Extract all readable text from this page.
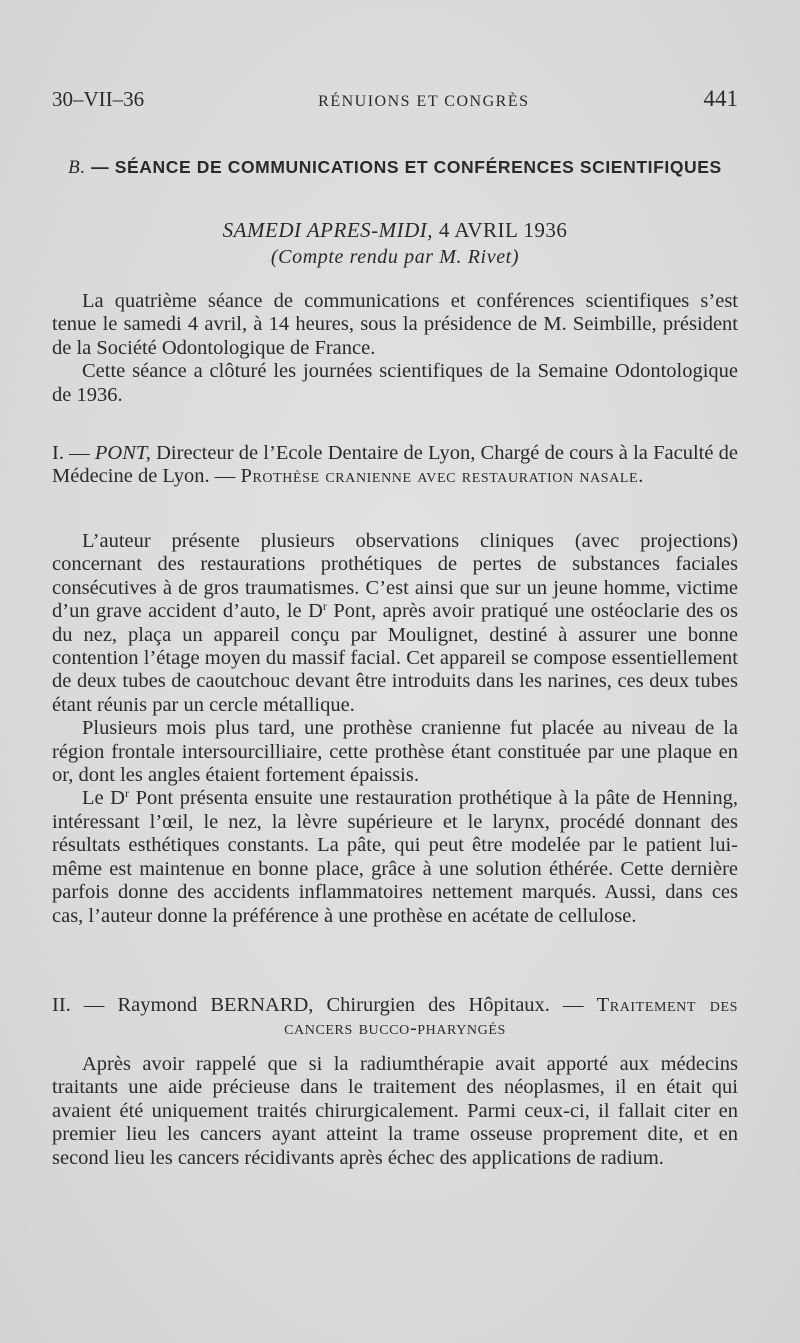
30–VII–36	RÉNUIONS ET CONGRÈS	441
B. — SÉANCE DE COMMUNICATIONS ET CONFÉRENCES SCIENTIFIQUES
SAMEDI APRES-MIDI, 4 AVRIL 1936
(Compte rendu par M. Rivet)

La quatrième séance de communications et conférences scientifiques s’est tenue le samedi 4 avril, à 14 heures, sous la présidence de M. Seimbille, président de la Société Odontologique de France.

Cette séance a clôturé les journées scientifiques de la Semaine Odontologique de 1936.

I. — PONT, Directeur de l’Ecole Dentaire de Lyon, Chargé de cours à la Faculté de Médecine de Lyon. — Prothèse cranienne avec restauration nasale.

L’auteur présente plusieurs observations cliniques (avec projections) concernant des restaurations prothétiques de pertes de substances faciales consécutives à de gros traumatismes. C’est ainsi que sur un jeune homme, victime d’un grave accident d’auto, le $D^r$ Pont, après avoir pratiqué une ostéoclarie des os du nez, plaça un appareil conçu par Moulignet, destiné à assurer une bonne contention l’étage moyen du massif facial. Cet appareil se compose essentiellement de deux tubes de caoutchouc devant être introduits dans les narines, ces deux tubes étant réunis par un cercle métallique.

Plusieurs mois plus tard, une prothèse cranienne fut placée au niveau de la région frontale intersourcilliaire, cette prothèse étant constituée par une plaque en or, dont les angles étaient fortement épaissis.

Le $D^r$ Pont présenta ensuite une restauration prothétique à la pâte de Henning, intéressant l’œil, le nez, la lèvre supérieure et le larynx, procédé donnant des résultats esthétiques constants. La pâte, qui peut être modelée par le patient lui-même est maintenue en bonne place, grâce à une solution éthérée. Cette dernière parfois donne des accidents inflammatoires nettement marqués. Aussi, dans ces cas, l’auteur donne la préférence à une prothèse en acétate de cellulose.

II. — Raymond BERNARD, Chirurgien des Hôpitaux. — Traitement des cancers bucco-pharyngés

Après avoir rappelé que si la radiumthérapie avait apporté aux médecins traitants une aide précieuse dans le traitement des néoplasmes, il en était qui avaient été uniquement traités chirurgicalement. Parmi ceux-ci, il fallait citer en premier lieu les cancers ayant atteint la trame osseuse proprement dite, et en second lieu les cancers récidivants après échec des applications de radium.
